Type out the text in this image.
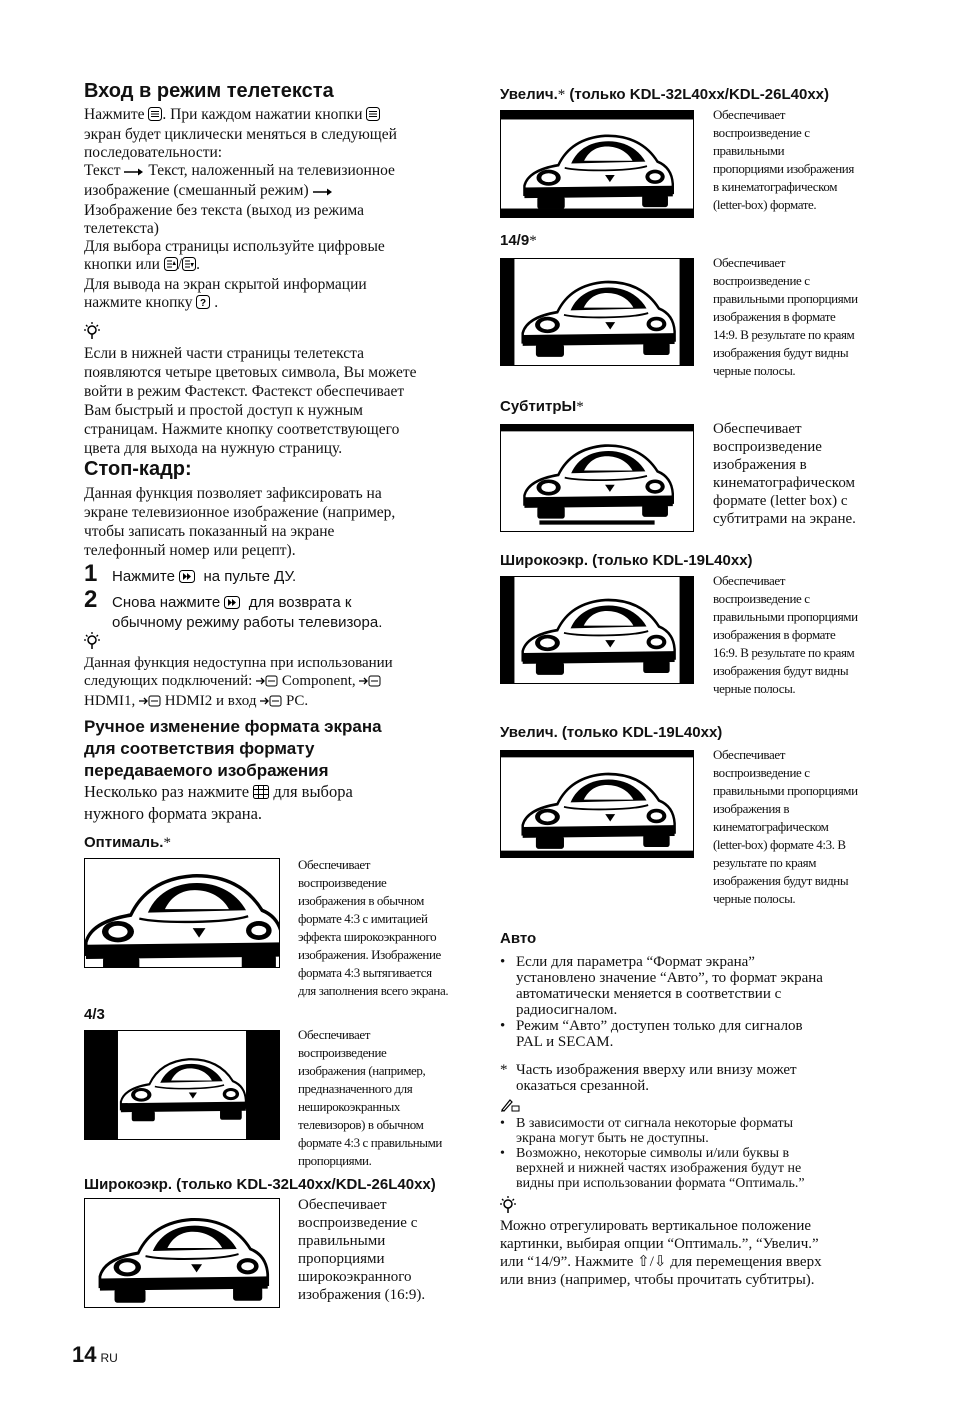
Вход в режим телетекста
Нажмите . При каждом нажатии кнопки
экран будет циклически меняться в следующей
последовательности:
Текст  Текст, наложенный на телевизионное
изображение (смешанный режим)
Изображение без текста (выход из режима
телетекста)
Для выбора страницы используйте цифровые
кнопки или / .
Для вывода на экран скрытой информации
нажмите кнопку ? .
Если в нижней части страницы телетекста
появляются четыре цветовых символа, Вы можете
войти в режим Фастекст. Фастекст обеспечивает
Вам быстрый и простой доступ к нужным
страницам. Нажмите кнопку соответствующего
цвета для выхода на нужную страницу.
Стоп-кадр:
Данная функция позволяет зафиксировать на
экране телевизионное изображение (например,
чтобы записать показанный на экране
телефонный номер или рецепт).
1 Нажмите на пульте ДУ.
2 Снова нажмите для возврата к
обычному режиму работы телевизора.
Данная функция недоступна при использовании
следующих подключений:  Component,
HDMI1,  HDMI2 и вход  PC.
Ручное изменение формата экрана
для соответствия формату
передаваемого изображения
Несколько раз нажмите  для выбора
нужного формата экрана.
Оптималь.*
Обеспечивает
воспроизведение
изображения в обычном
формате 4:3 с имитацией
эффекта широкоэкранного
изображения. Изображение
формата 4:3 вытягивается
для заполнения всего экрана.
4/3
Обеспечивает
воспроизведение
изображения (например,
предназначенного для
неширокоэкранных
телевизоров) в обычном
формате 4:3 с правильными
пропорциями.
Широкоэкр. (только KDL-32L40xx/KDL-26L40xx)
Обеспечивает
воспроизведение с
правильными
пропорциями
широкоэкранного
изображения (16:9).
14 RU
Увелич.* (только KDL-32L40xx/KDL-26L40xx)
Обеспечивает
воспроизведение с
правильными
пропорциями изображения
в кинематографическом
(letter-box) формате.
14/9*
Обеспечивает
воспроизведение с
правильными пропорциями
изображения в формате
14:9. В результате по краям
изображения будут видны
черные полосы.
СубтитрЫ*
Обеспечивает
воспроизведение
изображения в
кинематографическом
формате (letter box) с
субтитрами на экране.
Широкоэкр. (только KDL-19L40xx)
Обеспечивает
воспроизведение с
правильными пропорциями
изображения в формате
16:9. В результате по краям
изображения будут видны
черные полосы.
Увелич. (только KDL-19L40xx)
Обеспечивает
воспроизведение с
правильными пропорциями
изображения в
кинематографическом
(letter-box) формате 4:3. В
результате по краям
изображения будут видны
черные полосы.
Авто
• Если для параметра “Формат экрана”
установлено значение “Авто”, то формат экрана
автоматически меняется в соответствии с
радиосигналом.
• Режим “Авто” доступен только для сигналов
PAL и SECAM.
* Часть изображения вверху или внизу может
оказаться срезанной.
• В зависимости от сигнала некоторые форматы
экрана могут быть не доступны.
• Возможно, некоторые символы и/или буквы в
верхней и нижней частях изображения будут не
видны при использовании формата “Оптималь.”
Можно отрегулировать вертикальное положение
картинки, выбирая опции “Оптималь.”, “Увелич.”
или “14/9”. Нажмите ⇧/⇩ для перемещения вверх
или вниз (например, чтобы прочитать субтитры).
